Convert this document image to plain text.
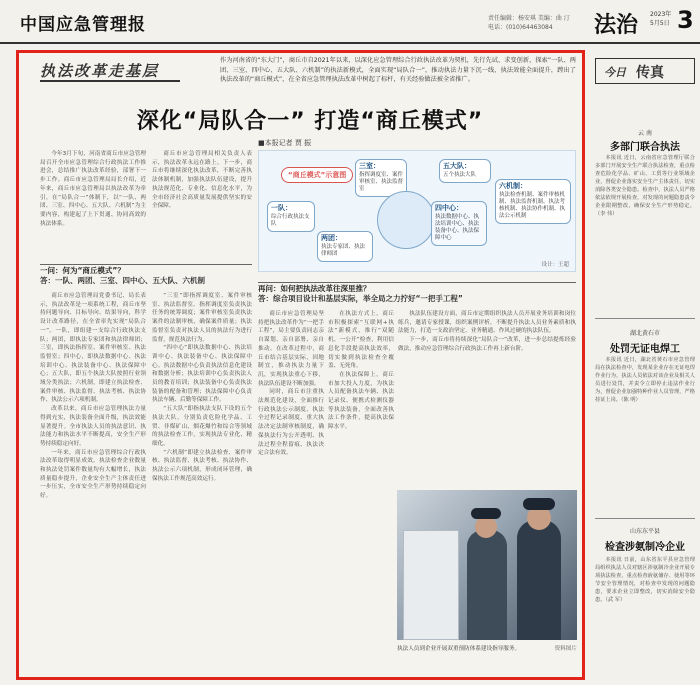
中国应急管理报	责任编辑：杨安琪 美编：曲 汀
电话：(010)64463084	法治 2023年
5月5日 3
执法改革走基层
作为河南省的“东大门”，商丘市自2021年以来，以深化应急管理综合行政执法改革为契机，先行先试、求变创新，探索“一队、两团、三室、四中心、五大队、六机制”的执法新模式，全面实现“局队合一”，推动执法力量下沉一线、执法效能全面提升，蹚出了执法改革的“商丘模式”，在全省应急管理执法改革中树起了标杆，有关经验做法被全省推广。
深化“局队合一” 打造“商丘模式”
■本报记者 贾 振

今年3月下旬，河南省商丘市应急管理局召开全市应急管理综合行政执法工作推进会，总结推广执法改革经验，部署下一步工作。商丘市应急管理局局长介绍，近年来，商丘市应急管理局以执法改革为牵引，在“局队合一”体制下，以“一队、两团、三室、四中心、五大队、六机制”为主要内容，构建起了上下贯通、协同高效的执法体系。

商丘市应急管理局相关负责人表示，执法改革永远在路上。下一步，商丘市将继续深化执法改革，不断完善执法体制机制，加强执法队伍建设，提升执法规范化、专业化、信息化水平，为全市经济社会高质量发展提供坚实的安全保障。

“商丘模式”示意图
一队：
综合行政执法支队
两团：
执法专家团、执法律师团
三室：
指挥调度室、案件审核室、执法监督室
四中心：
执法数据中心、执法培训中心、执法装备中心、执法保障中心
五大队：
五个执法大队
六机制：
执法检查机制、案件审核机制、执法监督机制、执法考核机制、执法协作机制、执法公示机制
设计：王超
一问：何为“商丘模式”？
答：一队、两团、三室、四中心、五大队、六机制

商丘市应急管理局党委书记、局长表示，执法改革是一项系统工程，商丘市坚持问题导向、目标导向、结果导向，科学设计改革路径，在全省率先实现“局队合一”。一队，即组建一支综合行政执法支队；两团，即执法专家团和执法律师团；三室，即执法指挥室、案件审核室、执法监督室；四中心，即执法数据中心、执法培训中心、执法装备中心、执法保障中心；五大队，即五个执法大队按照行业领域分类执法；六机制，即建立执法检查、案件审核、执法监督、执法考核、执法协作、执法公示六项机制。

改革以来，商丘市应急管理执法力量得到充实，执法装备全面升级，执法效能显著提升。全市执法人员的执法意识、执法能力和执法水平不断提高，安全生产形势持续稳定向好。

一年来，商丘市应急管理综合行政执法改革取得明显成效。执法检查企业数量和执法处罚案件数量均有大幅增长，执法质量稳步提升，企业安全生产主体责任进一步压实，全市安全生产形势持续稳定向好。

“三室”即指挥调度室、案件审核室、执法监督室。指挥调度室负责执法任务的统筹调度；案件审核室负责执法案件的法制审核，确保案件质量；执法监督室负责对执法人员的执法行为进行监督，规范执法行为。

“四中心”即执法数据中心、执法培训中心、执法装备中心、执法保障中心。执法数据中心负责执法信息化建设和数据分析；执法培训中心负责执法人员的教育培训；执法装备中心负责执法装备的配备和管理；执法保障中心负责执法车辆、后勤等保障工作。

“五大队”即指执法支队下设的五个执法大队，分别负责危险化学品、工贸、非煤矿山、烟花爆竹和综合等领域的执法检查工作，实现执法专业化、精细化。

“六机制”即建立执法检查、案件审核、执法监督、执法考核、执法协作、执法公示六项机制，形成闭环管理，确保执法工作规范高效运行。

再问：如何把执法改革往深里推？
答：综合项目设计和基层实际，举全局之力拧好“一把手工程”

商丘市应急管理局坚持把执法改革作为“一把手工程”，局主要负责同志亲自谋划、亲自部署、亲自推动。在改革过程中，商丘市结合基层实际，因地制宜，推动执法力量下沉，实现执法重心下移，执法队伍建设不断加强。

同时，商丘市注重执法规范化建设，全面推行行政执法公示制度、执法全过程记录制度、重大执法决定法制审核制度，确保执法行为公开透明、执法过程全程留痕、执法决定合法有效。

在执法方式上，商丘市积极探索“互联网+执法”新模式，推行“双随机、一公开”检查，利用信息化手段提高执法效率，切实做到执法检查全覆盖、无死角。

在执法保障上，商丘市加大投入力度，为执法人员配备执法车辆、执法记录仪、便携式检测仪器等执法装备，全面改善执法工作条件，提高执法保障水平。

执法队伍建设方面，商丘市定期组织执法人员开展业务培训和岗位练兵，邀请专家授课，组织案例评析，不断提升执法人员业务素质和执法能力，打造一支政治坚定、业务精通、作风过硬的执法队伍。

下一步，商丘市将持续深化“局队合一”改革，进一步总结提炼经验做法，推动应急管理综合行政执法工作再上新台阶。

执法人员到企业开展双重预防体系建设指导服务。	资料图片
今日 传真
云 南
多部门联合执法

本报讯 近日，云南省应急管理厅联合多部门开展安全生产联合执法检查，重点检查危险化学品、矿山、工贸等行业领域企业，督促企业落实安全生产主体责任，切实消除各类安全隐患。检查中，执法人员严格依法依规开展检查，对发现的问题隐患责令企业限期整改，确保安全生产形势稳定。（李 伟）

湖北黄石市
处罚无证电焊工

本报讯 近日，湖北省黄石市应急管理局在执法检查中，发现某企业存在无证电焊作业行为，执法人员依法对该企业及相关人员进行处罚，并责令立即停止违法作业行为，督促企业加强特种作业人员管理，严格持证上岗。（陈 明）

山东东平县
检查涉氨制冷企业

本报讯 日前，山东省东平县应急管理局组织执法人员对辖区涉氨制冷企业开展专项执法检查，重点检查液氨储存、使用等环节安全管理情况，对检查中发现的问题隐患，要求企业立即整改，切实消除安全隐患。（武 军）
